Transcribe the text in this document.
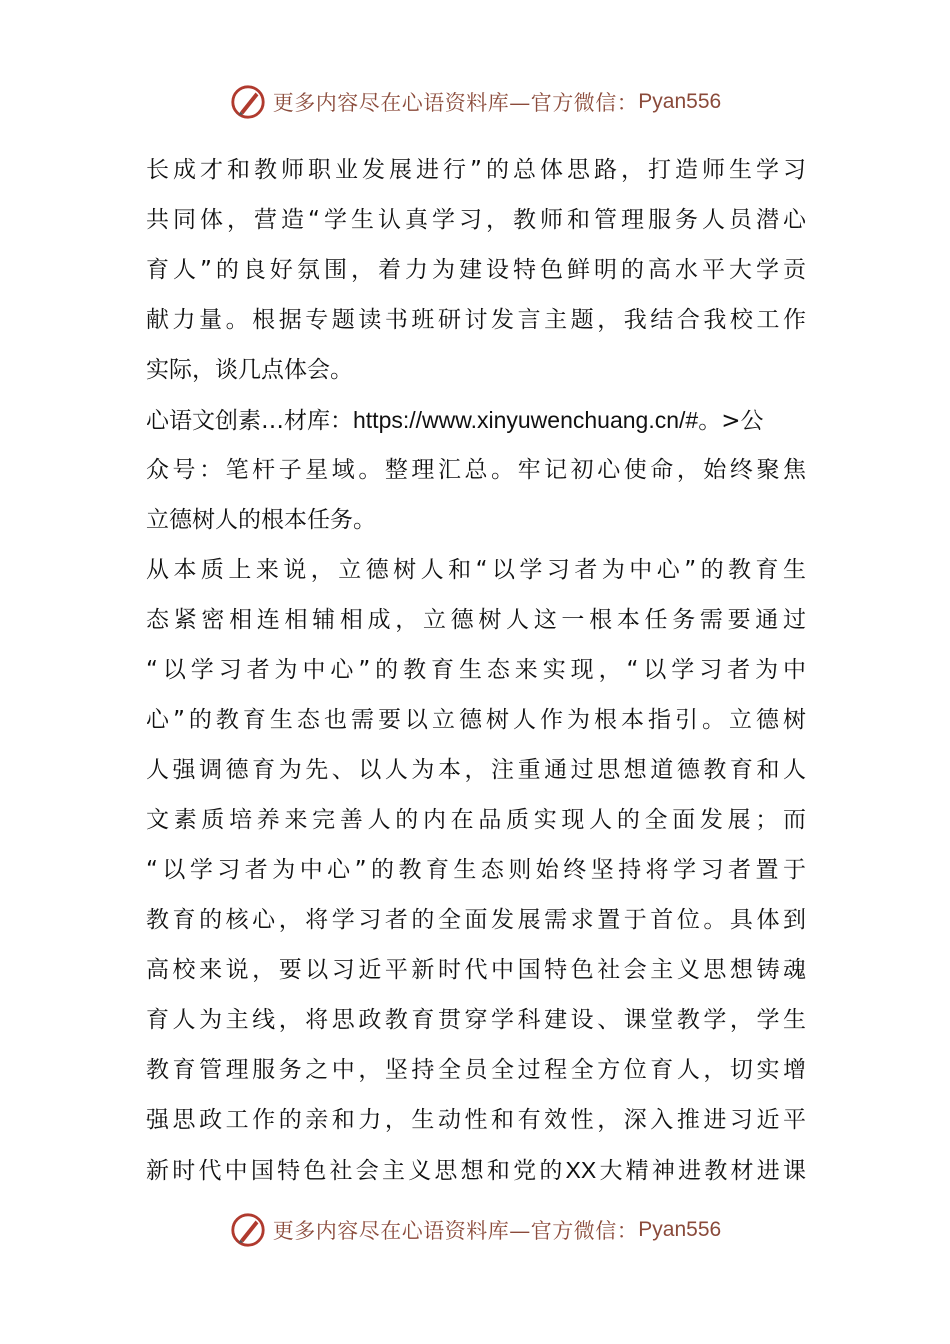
更多内容尽在心语资料库—官方微信： Pyan556
长成才和教师职业发展进行”的总体思路，打造师生学习
共同体，营造“学生认真学习，教师和管理服务人员潜心
育人”的良好氛围，着力为建设特色鲜明的高水平大学贡
献力量。根据专题读书班研讨发言主题，我结合我校工作
实际，谈几点体会。
心语文创素…材库：https://www.xinyuwenchuang.cn/#。>公
众号：笔杆子星域。整理汇总。牢记初心使命，始终聚焦
立德树人的根本任务。
从本质上来说，立德树人和“以学习者为中心”的教育生
态紧密相连相辅相成，立德树人这一根本任务需要通过
“以学习者为中心”的教育生态来实现，“以学习者为中
心”的教育生态也需要以立德树人作为根本指引。立德树
人强调德育为先、以人为本，注重通过思想道德教育和人
文素质培养来完善人的内在品质实现人的全面发展；而
“以学习者为中心”的教育生态则始终坚持将学习者置于
教育的核心，将学习者的全面发展需求置于首位。具体到
高校来说，要以习近平新时代中国特色社会主义思想铸魂
育人为主线，将思政教育贯穿学科建设、课堂教学，学生
教育管理服务之中，坚持全员全过程全方位育人，切实增
强思政工作的亲和力，生动性和有效性，深入推进习近平
新时代中国特色社会主义思想和党的XX大精神进教材进课
更多内容尽在心语资料库—官方微信： Pyan556
